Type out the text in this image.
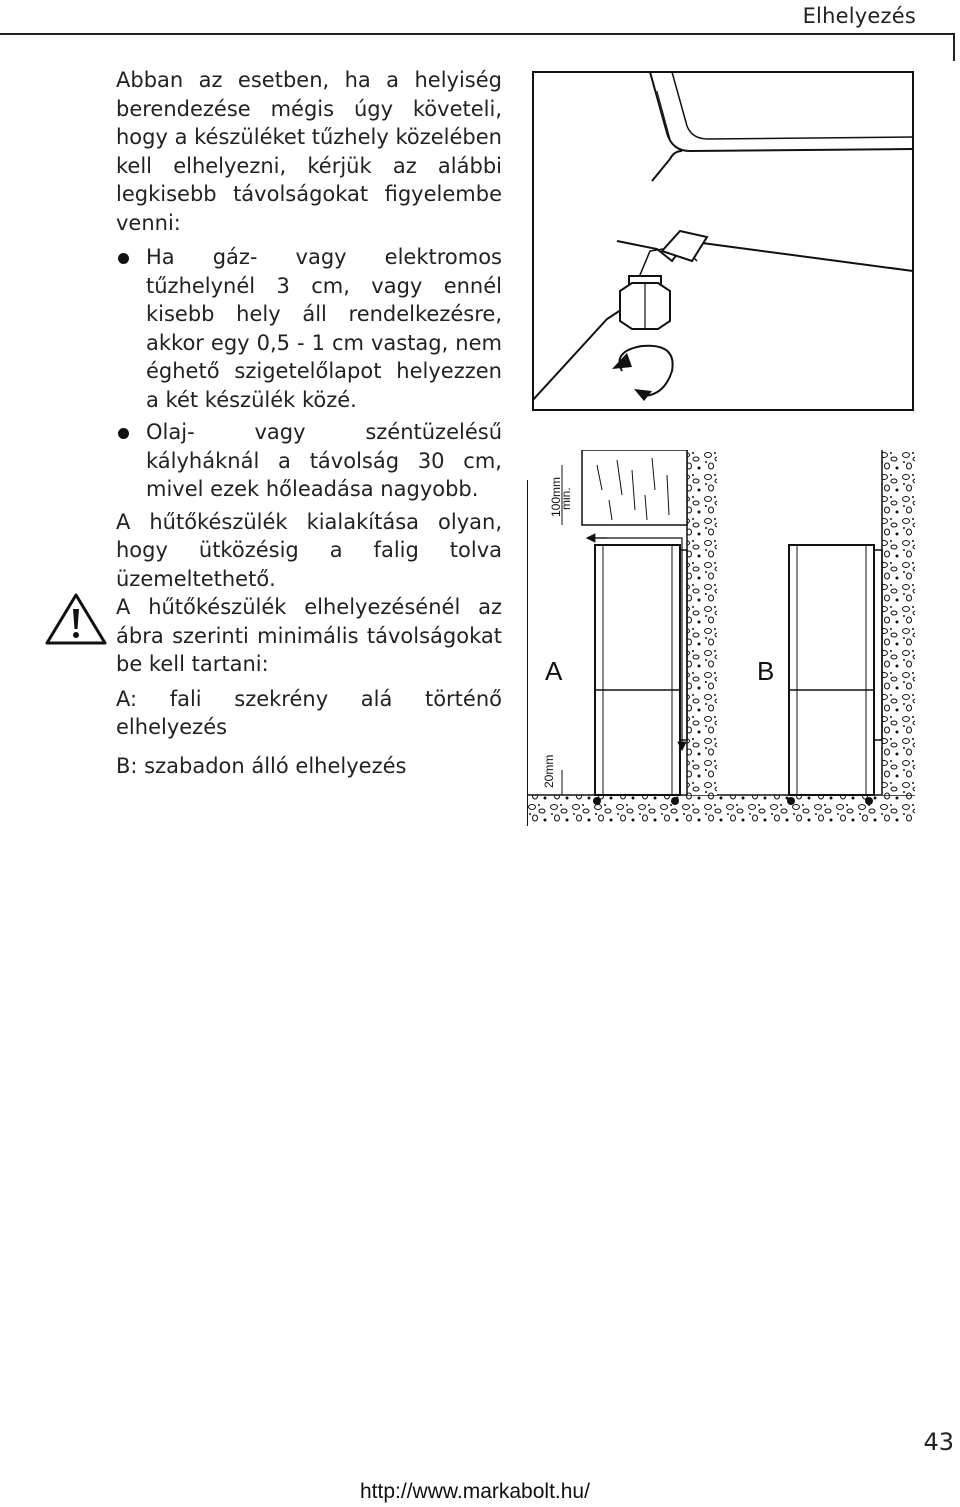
Elhelyezés

Abban az esetben, ha a helyiség berendezése mégis úgy követeli, hogy a készüléket tűzhely közelében kell elhelyezni, kérjük az alábbi legkisebb távolságokat figyelembe venni:

Ha gáz- vagy elektromos tűzhelynél 3 cm, vagy ennél kisebb hely áll rendelkezésre, akkor egy 0,5 - 1 cm vastag, nem éghető szigetelőlapot helyezzen a két készülék közé.
Olaj- vagy széntüzelésű kályháknál a távolság 30 cm, mivel ezek hőleadása nagyobb.

A hűtőkészülék kialakítása olyan, hogy ütközésig a falig tolva üzemeltethető.

A hűtőkészülék elhelyezésénél az ábra szerinti minimális távolságokat be kell tartani:

A: fali szekrény alá történő elhelyezés

B: szabadon álló elhelyezés

100mm
min.
20mm
A	B
43
http://www.markabolt.hu/
